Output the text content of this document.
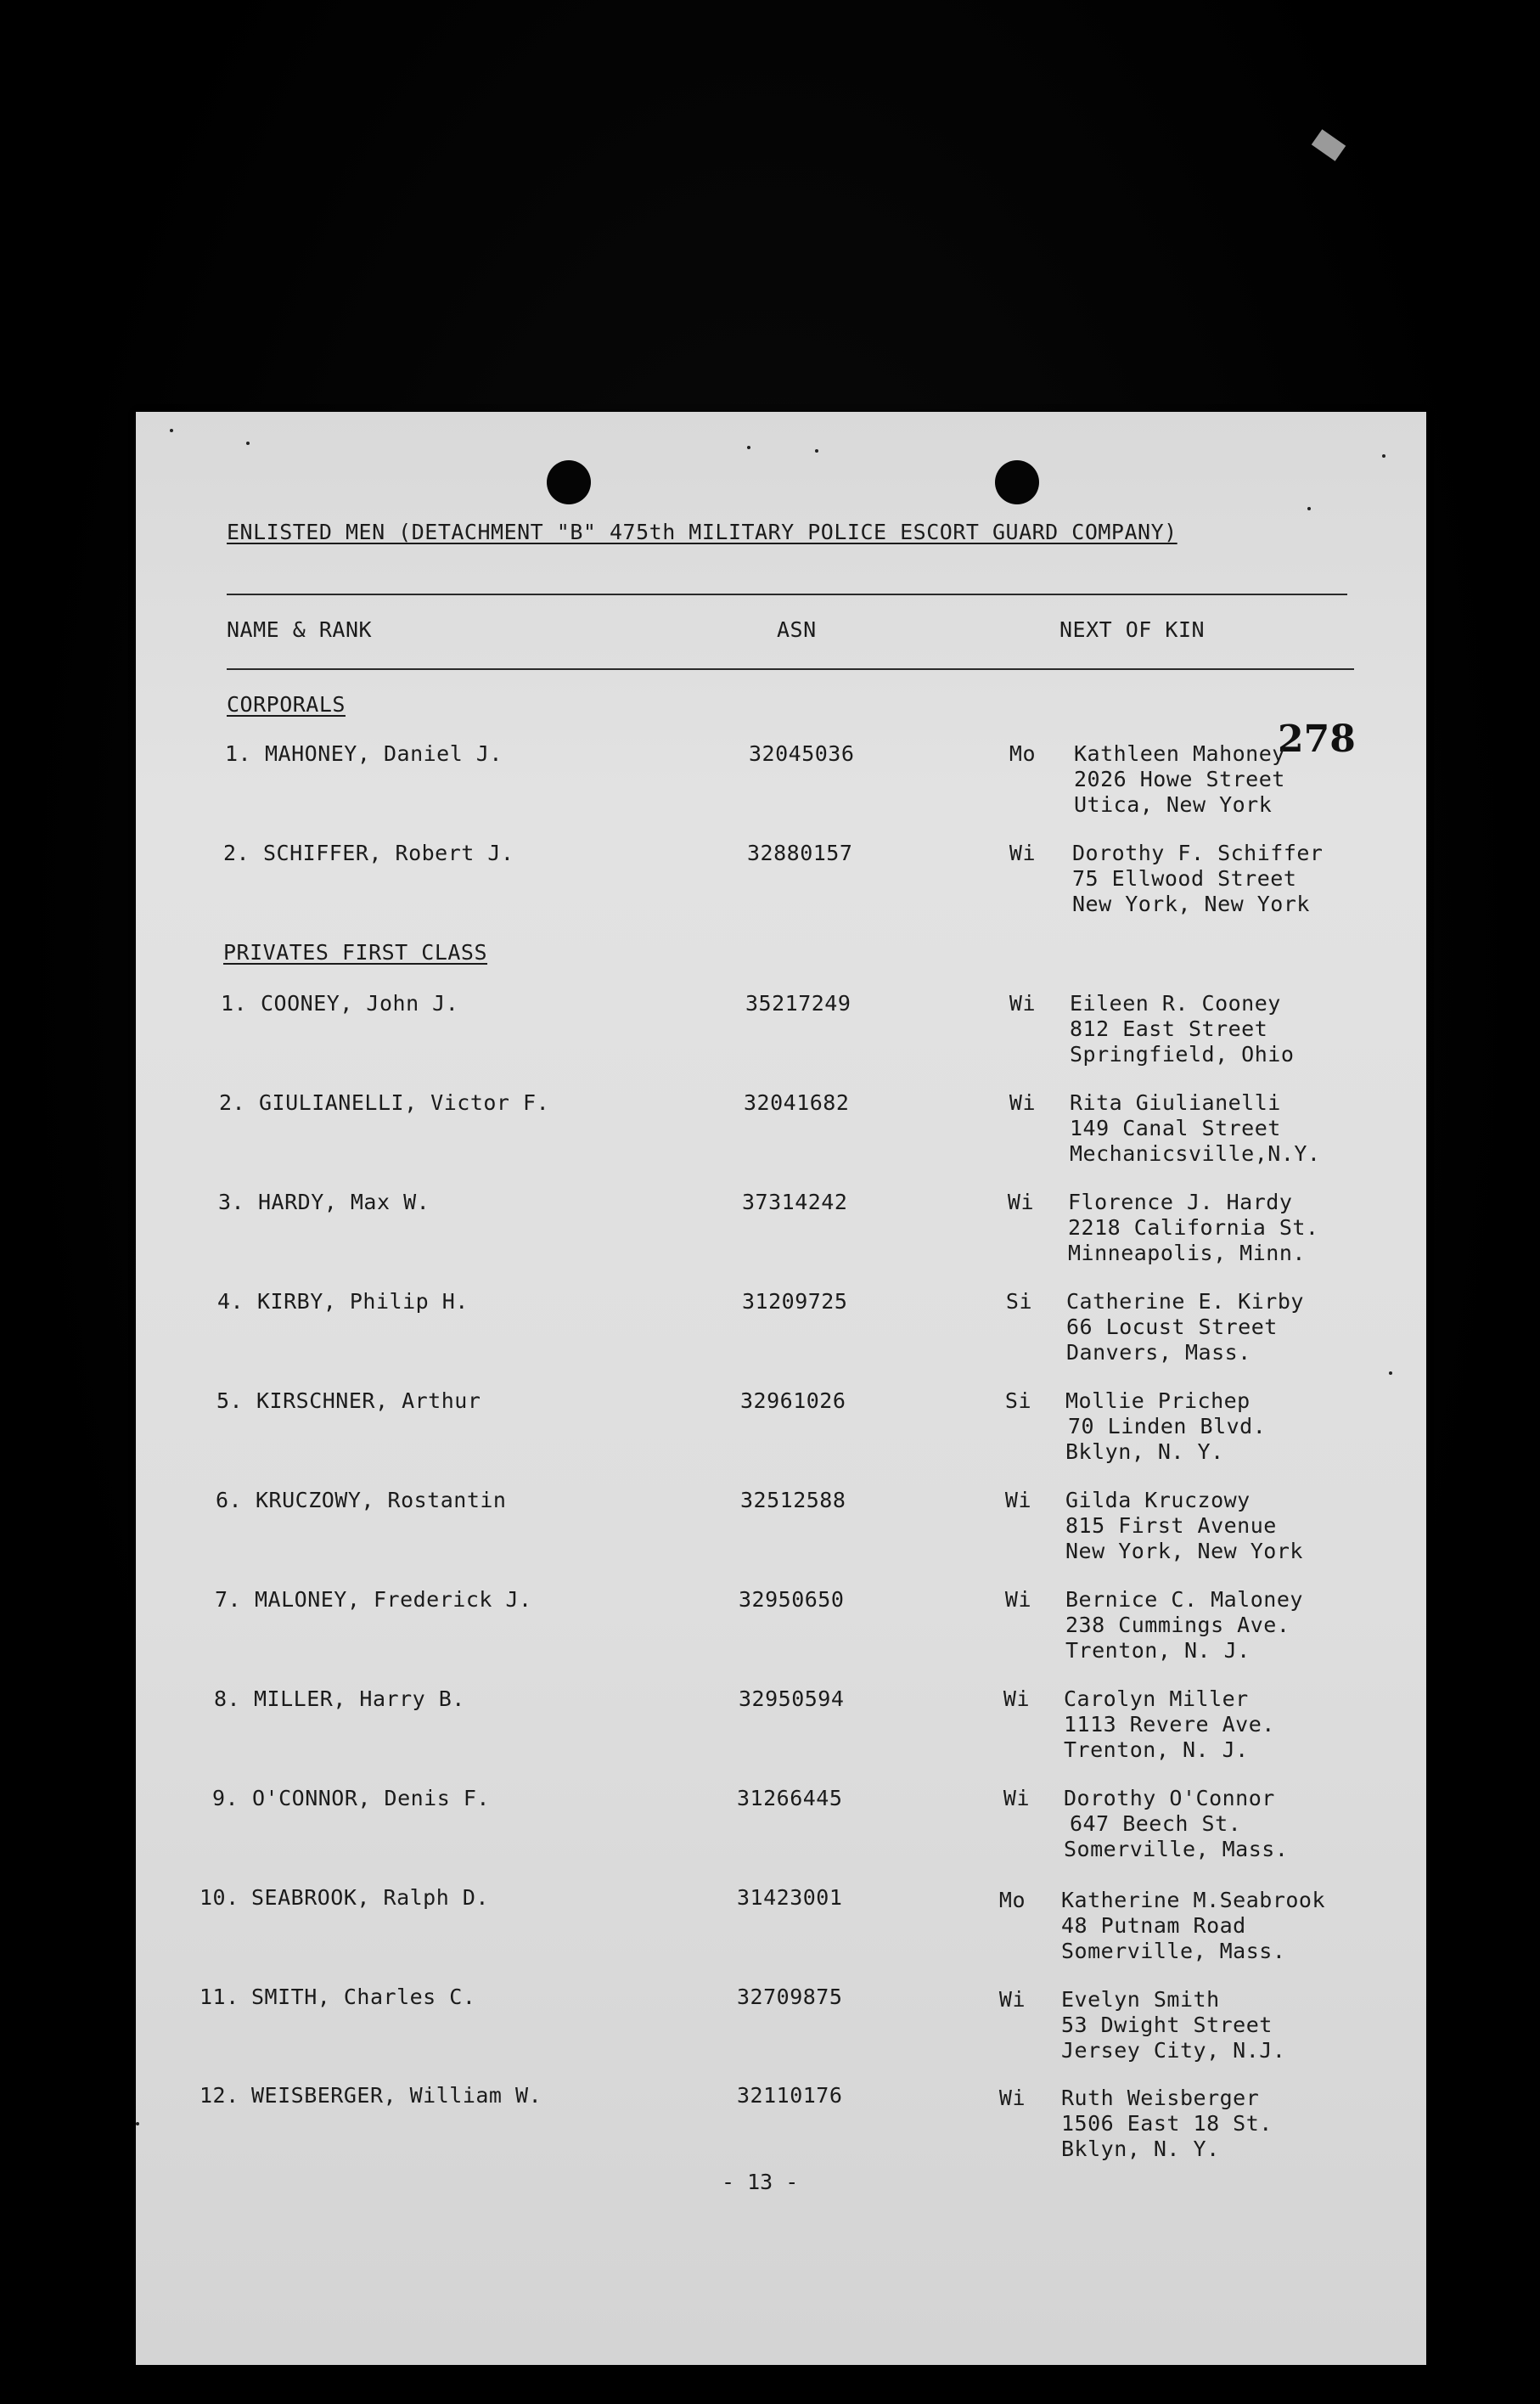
ENLISTED MEN (DETACHMENT "B" 475th MILITARY POLICE ESCORT GUARD COMPANY)
NAME & RANK	ASN	NEXT OF KIN
CORPORALS
278
1. MAHONEY, Daniel J.	32045036	Mo Kathleen Mahoney
2026 Howe Street
Utica, New York
2. SCHIFFER, Robert J.	32880157	Wi Dorothy F. Schiffer
75 Ellwood Street
New York, New York
PRIVATES FIRST CLASS
1. COONEY, John J.	35217249	Wi Eileen R. Cooney
812 East Street
Springfield, Ohio
2. GIULIANELLI, Victor F.	32041682	Wi Rita Giulianelli
149 Canal Street
Mechanicsville,N.Y.
3. HARDY, Max W.	37314242	Wi Florence J. Hardy
2218 California St.
Minneapolis, Minn.
4. KIRBY, Philip H.	31209725	Si Catherine E. Kirby
66 Locust Street
Danvers, Mass.
5. KIRSCHNER, Arthur	32961026	Si Mollie Prichep
70 Linden Blvd.
Bklyn, N. Y.
6. KRUCZOWY, Rostantin	32512588	Wi Gilda Kruczowy
815 First Avenue
New York, New York
7. MALONEY, Frederick J.	32950650	Wi Bernice C. Maloney
238 Cummings Ave.
Trenton, N. J.
8. MILLER, Harry B.	32950594	Wi Carolyn Miller
1113 Revere Ave.
Trenton, N. J.
9. O'CONNOR, Denis F.	31266445	Wi Dorothy O'Connor
647 Beech St.
Somerville, Mass.
10. SEABROOK, Ralph D.	31423001	Mo Katherine M.Seabrook
48 Putnam Road
Somerville, Mass.
11. SMITH, Charles C.	32709875	Wi Evelyn Smith
53 Dwight Street
Jersey City, N.J.
12. WEISBERGER, William W.	32110176	Wi Ruth Weisberger
1506 East 18 St.
Bklyn, N. Y.
- 13 -
